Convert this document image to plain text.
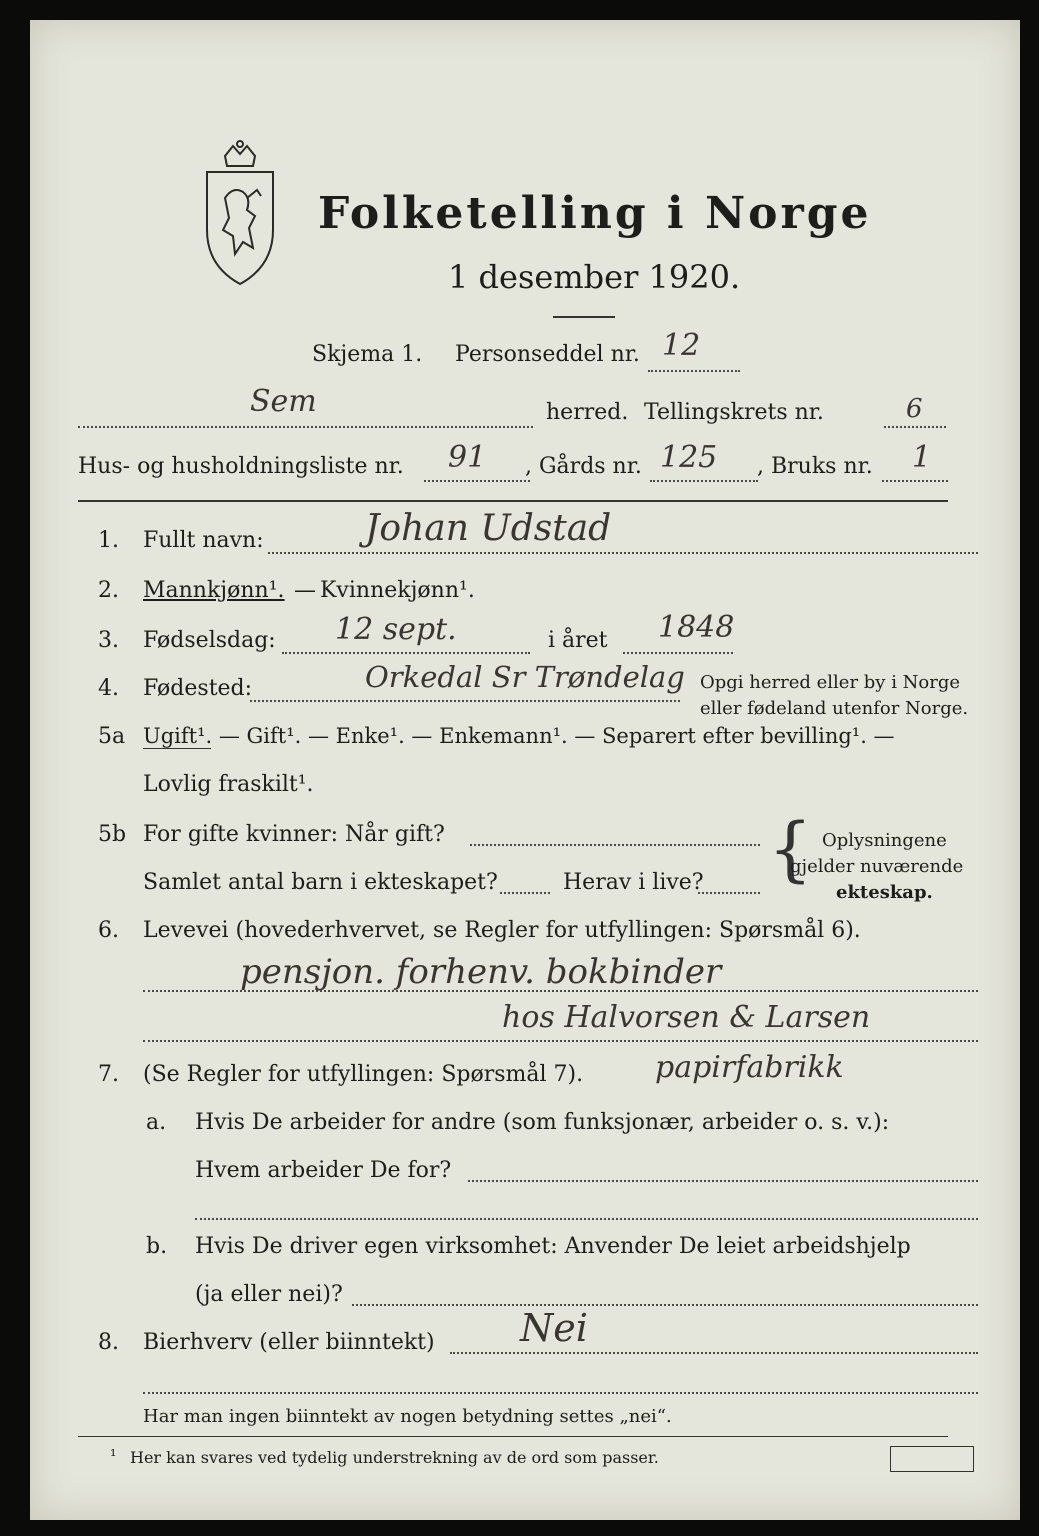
Folketelling i Norge
1 desember 1920.
Skjema 1. Personseddel nr. 12
Sem	herred. Tellingskrets nr.	6
Hus- og husholdningsliste nr. 91 , Gårds nr. 125 , Bruks nr. 1
1. Fullt navn:	Johan Udstad
2. Mannkjønn¹. — Kvinnekjønn¹.
3. Fødselsdag: 12 sept.	i året 1848
4. Fødested:	Orkedal Sr Trøndelag Opgi herred eller by i Norge
eller fødeland utenfor Norge.
5a Ugift¹. — Gift¹. — Enke¹. — Enkemann¹. — Separert efter bevilling¹. —
Lovlig fraskilt¹.
5b For gifte kvinner: Når gift?
Samlet antal barn i ekteskapet?	Herav i live? { Oplysningene
gjelder nuværende
ekteskap.
6. Levevei (hovederhvervet, se Regler for utfyllingen: Spørsmål 6).
pensjon. forhenv. bokbinder
hos Halvorsen & Larsen
7. (Se Regler for utfyllingen: Spørsmål 7). papirfabrikk
a. Hvis De arbeider for andre (som funksjonær, arbeider o. s. v.):
Hvem arbeider De for?
b. Hvis De driver egen virksomhet: Anvender De leiet arbeidshjelp
(ja eller nei)?
8. Bierhverv (eller biinntekt) Nei
Har man ingen biinntekt av nogen betydning settes „nei“.
¹ Her kan svares ved tydelig understrekning av de ord som passer.
